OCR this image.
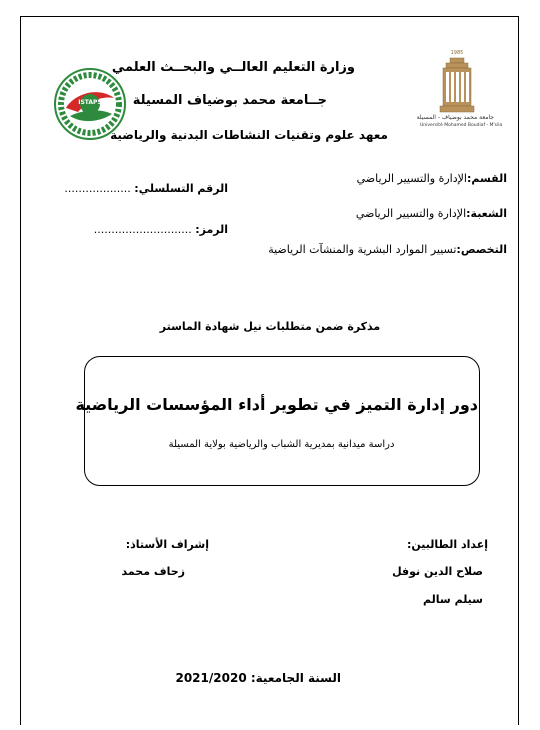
1985
جامعة محمد بوضياف - المسيلة
Université Mohamed Boudiaf - M'sila
ISTAPS
وزارة التعليم العالــي والبحــث العلمي
جــامعة محمد بوضياف المسيلة
معهد علوم وتقنيات النشاطات البدنية والرياضية
القسم:الإدارة والتسيير الرياضي
الشعبة:الإدارة والتسيير الرياضي
التخصص:تسيير الموارد البشرية والمنشآت الرياضية
الرقم التسلسلي: ...................
الرمز: ............................
مذكرة ضمن متطلبات نيل شهادة الماستر
دور إدارة التميز في تطوير أداء المؤسسات الرياضية
دراسة ميدانية بمديرية الشباب والرياضية بولاية المسيلة
إعداد الطالبين:
صلاح الدين نوفل
سيلم سالم
إشراف الأستاذ:
زحاف محمد
السنة الجامعية: 2021/2020
